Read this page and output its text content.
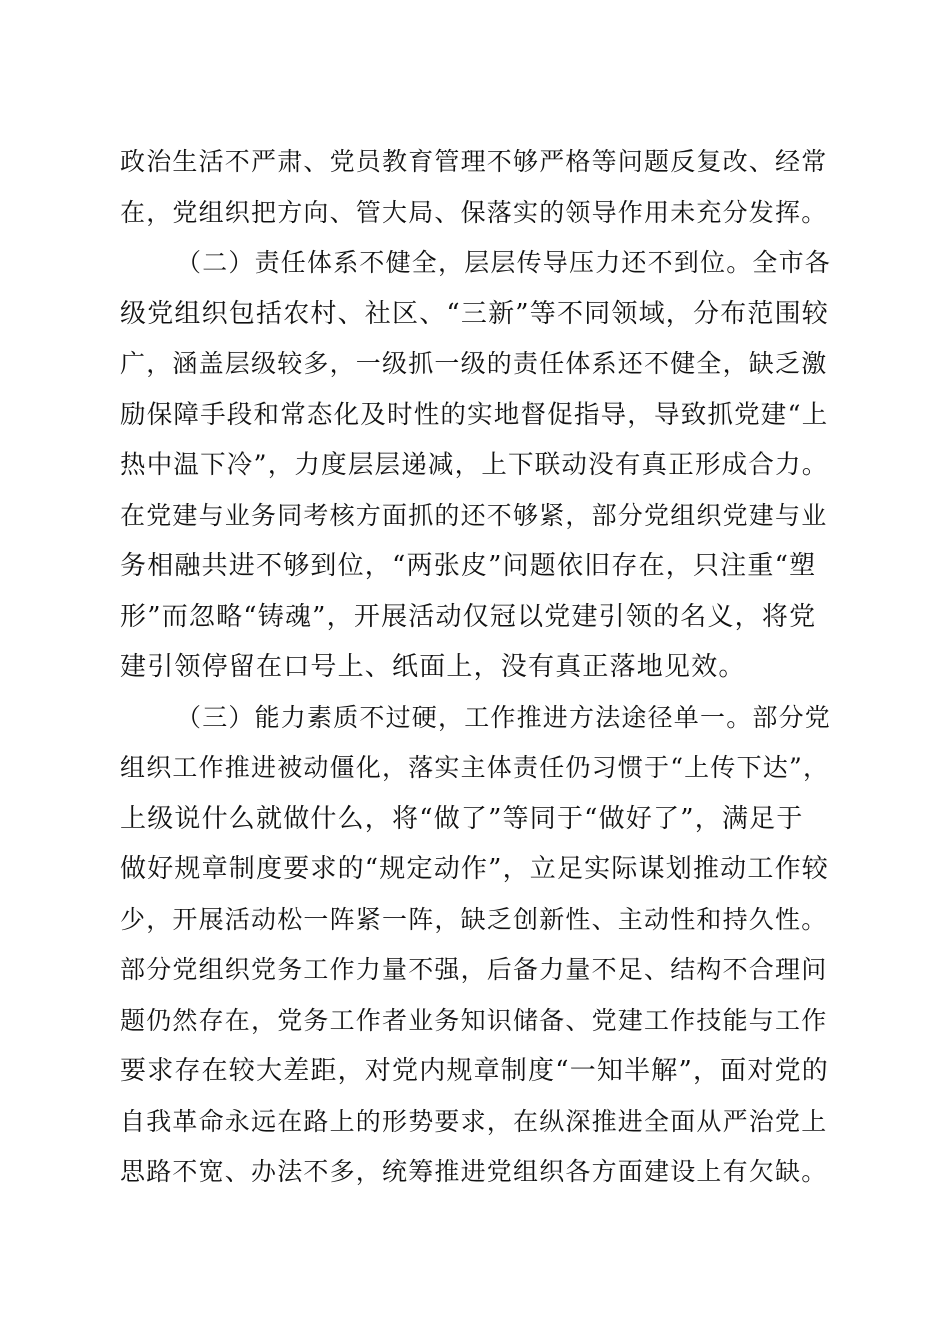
政治生活不严肃、党员教育管理不够严格等问题反复改、经常
在，党组织把方向、管大局、保落实的领导作用未充分发挥。
（二）责任体系不健全，层层传导压力还不到位。全市各
级党组织包括农村、社区、“三新”等不同领域，分布范围较
广，涵盖层级较多，一级抓一级的责任体系还不健全，缺乏激
励保障手段和常态化及时性的实地督促指导，导致抓党建“上
热中温下冷”，力度层层递减，上下联动没有真正形成合力。
在党建与业务同考核方面抓的还不够紧，部分党组织党建与业
务相融共进不够到位，“两张皮”问题依旧存在，只注重“塑
形”而忽略“铸魂”，开展活动仅冠以党建引领的名义，将党
建引领停留在口号上、纸面上，没有真正落地见效。
（三）能力素质不过硬，工作推进方法途径单一。部分党
组织工作推进被动僵化，落实主体责任仍习惯于“上传下达”，
上级说什么就做什么，将“做了”等同于“做好了”，满足于
做好规章制度要求的“规定动作”，立足实际谋划推动工作较
少，开展活动松一阵紧一阵，缺乏创新性、主动性和持久性。
部分党组织党务工作力量不强，后备力量不足、结构不合理问
题仍然存在，党务工作者业务知识储备、党建工作技能与工作
要求存在较大差距，对党内规章制度“一知半解”，面对党的
自我革命永远在路上的形势要求，在纵深推进全面从严治党上
思路不宽、办法不多，统筹推进党组织各方面建设上有欠缺。
